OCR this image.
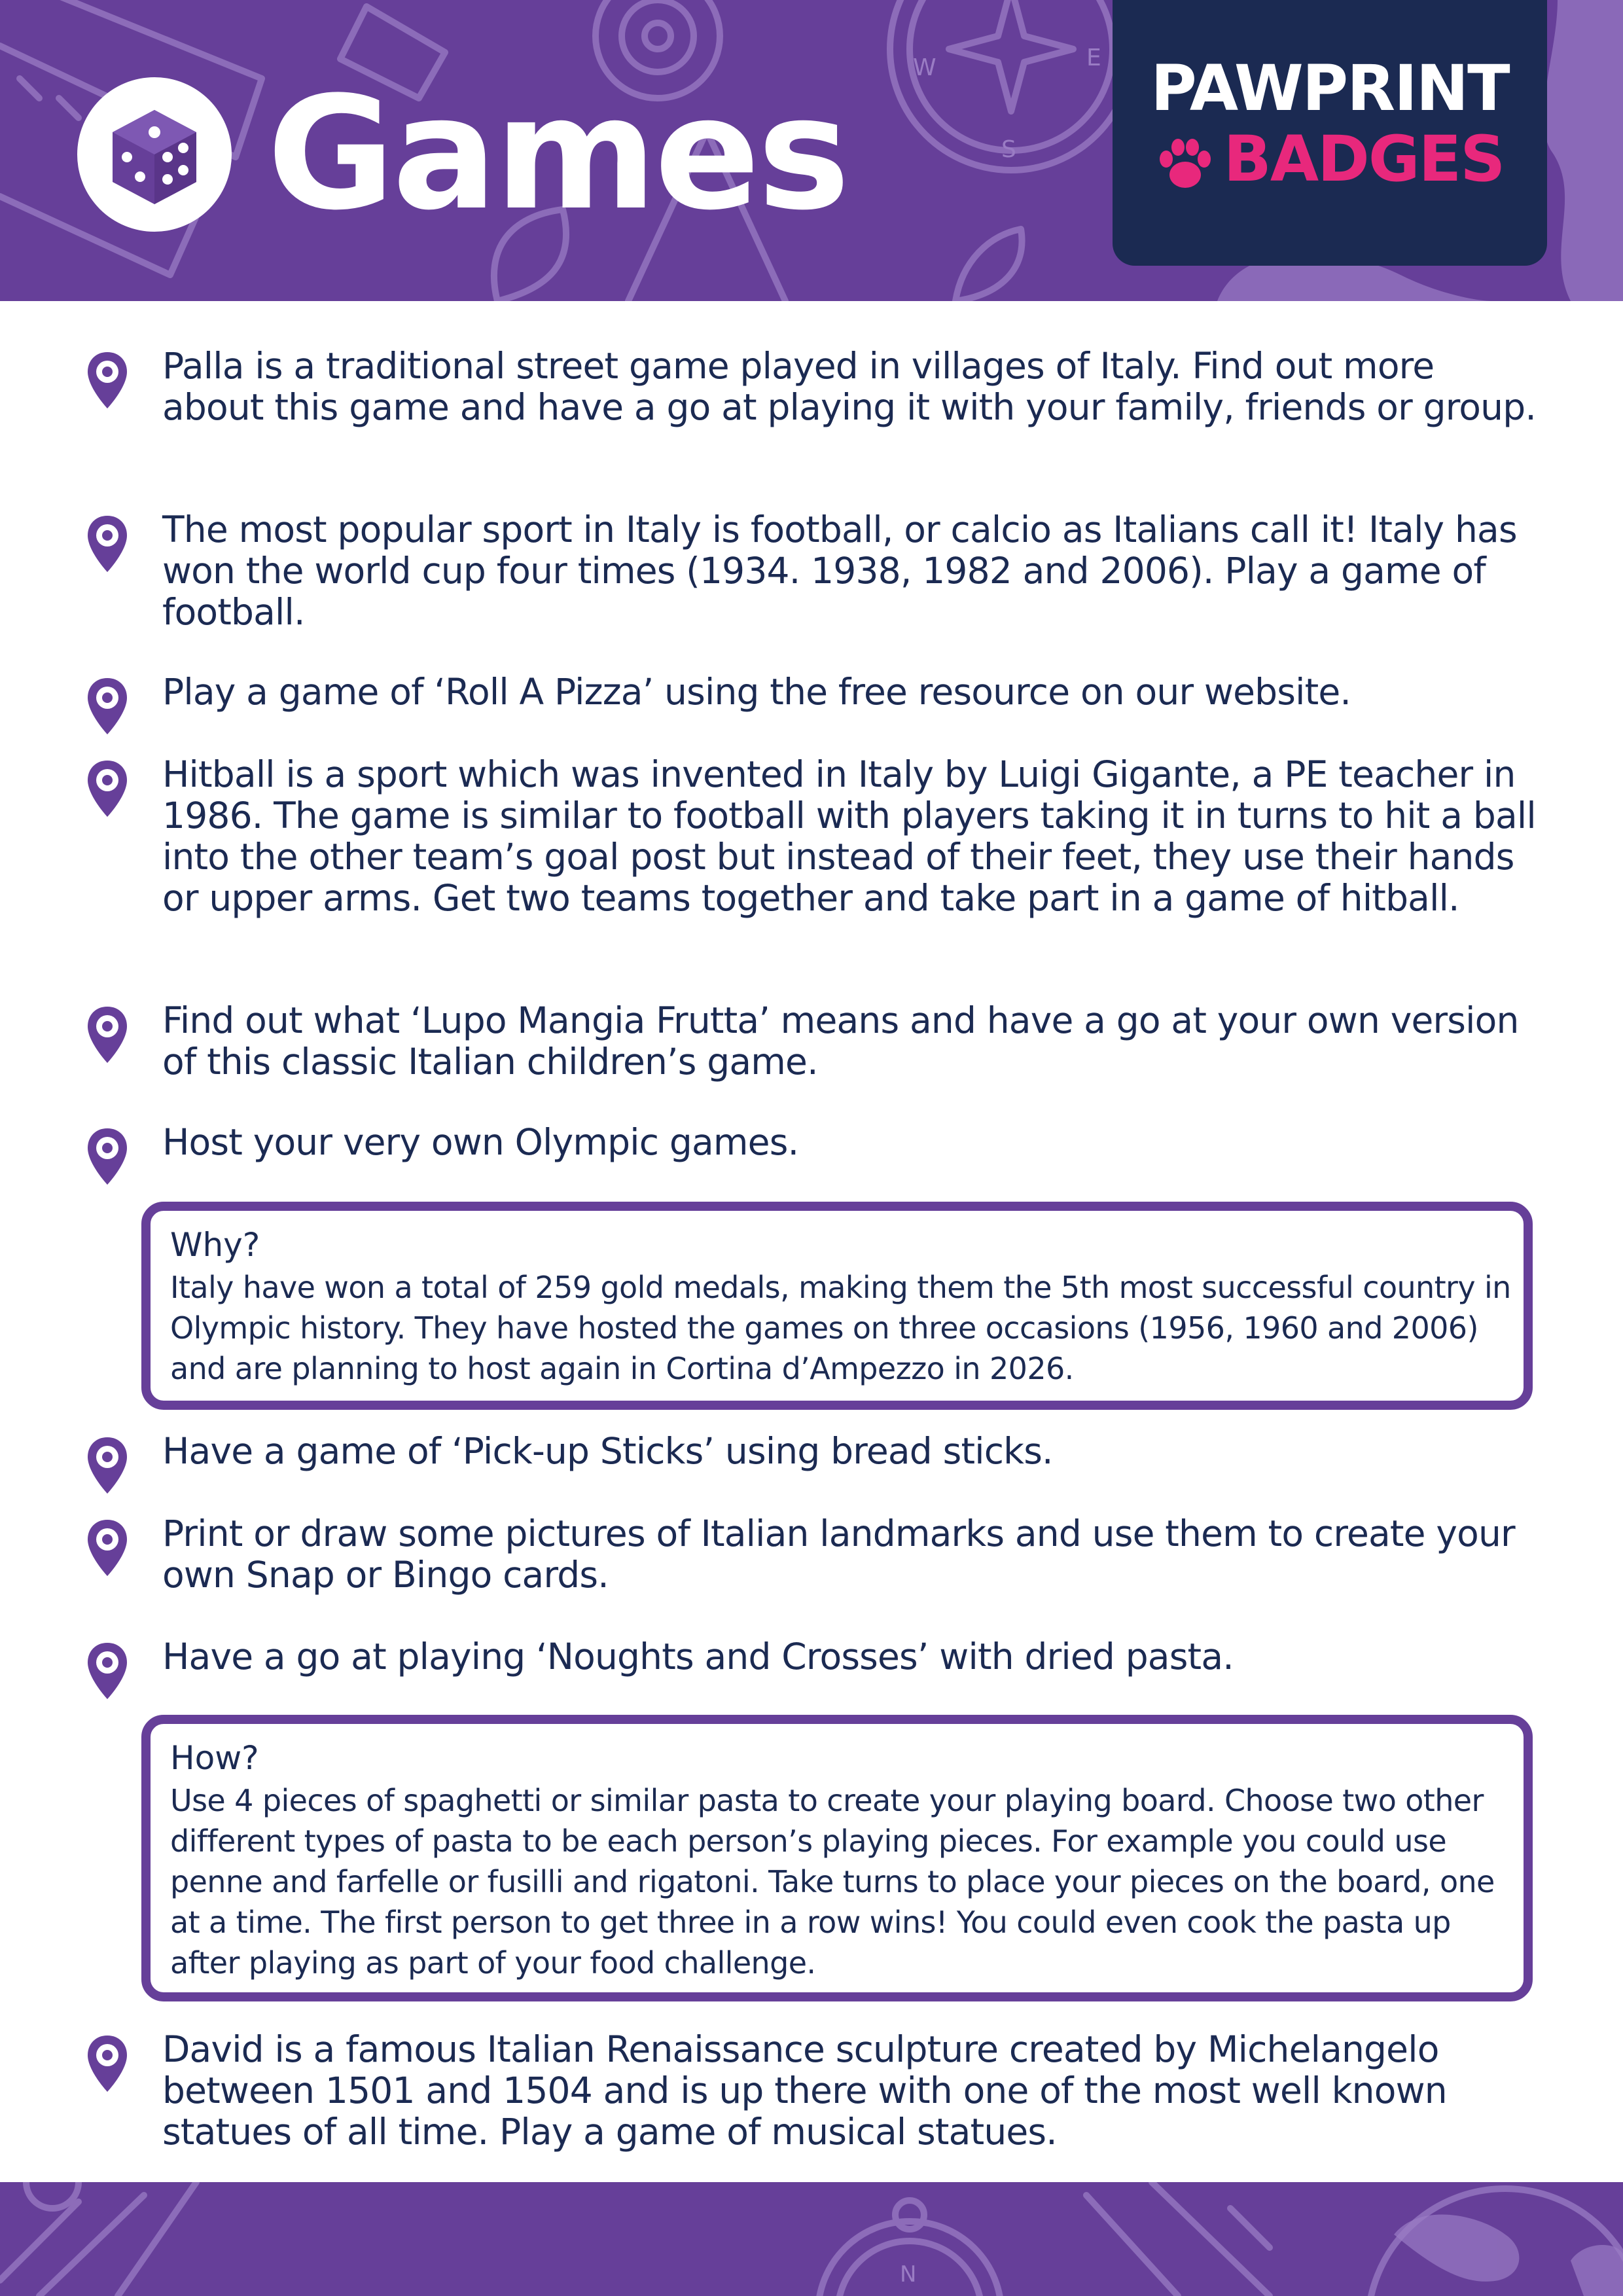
W	E
S
Games	PAWPRINT
BADGES

Palla is a traditional street game played in villages of Italy. Find out more about this game and have a go at playing it with your family, friends or group.

The most popular sport in Italy is football, or calcio as Italians call it! Italy has won the world cup four times (1934. 1938, 1982 and 2006). Play a game of football.

Play a game of ‘Roll A Pizza’ using the free resource on our website.

Hitball is a sport which was invented in Italy by Luigi Gigante, a PE teacher in 1986. The game is similar to football with players taking it in turns to hit a ball into the other team’s goal post but instead of their feet, they use their hands or upper arms. Get two teams together and take part in a game of hitball.

Find out what ‘Lupo Mangia Frutta’ means and have a go at your own version of this classic Italian children’s game.

Host your very own Olympic games.

Why?

Italy have won a total of 259 gold medals, making them the 5th most successful country in Olympic history. They have hosted the games on three occasions (1956, 1960 and 2006) and are planning to host again in Cortina d’Ampezzo in 2026.

Have a game of ‘Pick-up Sticks’ using bread sticks.

Print or draw some pictures of Italian landmarks and use them to create your own Snap or Bingo cards.

Have a go at playing ‘Noughts and Crosses’ with dried pasta.

How?

Use 4 pieces of spaghetti or similar pasta to create your playing board. Choose two other different types of pasta to be each person’s playing pieces. For example you could use penne and farfelle or fusilli and rigatoni. Take turns to place your pieces on the board, one at a time. The first person to get three in a row wins! You could even cook the pasta up after playing as part of your food challenge.

David is a famous Italian Renaissance sculpture created by Michelangelo between 1501 and 1504 and is up there with one of the most well known statues of all time. Play a game of musical statues.

N
